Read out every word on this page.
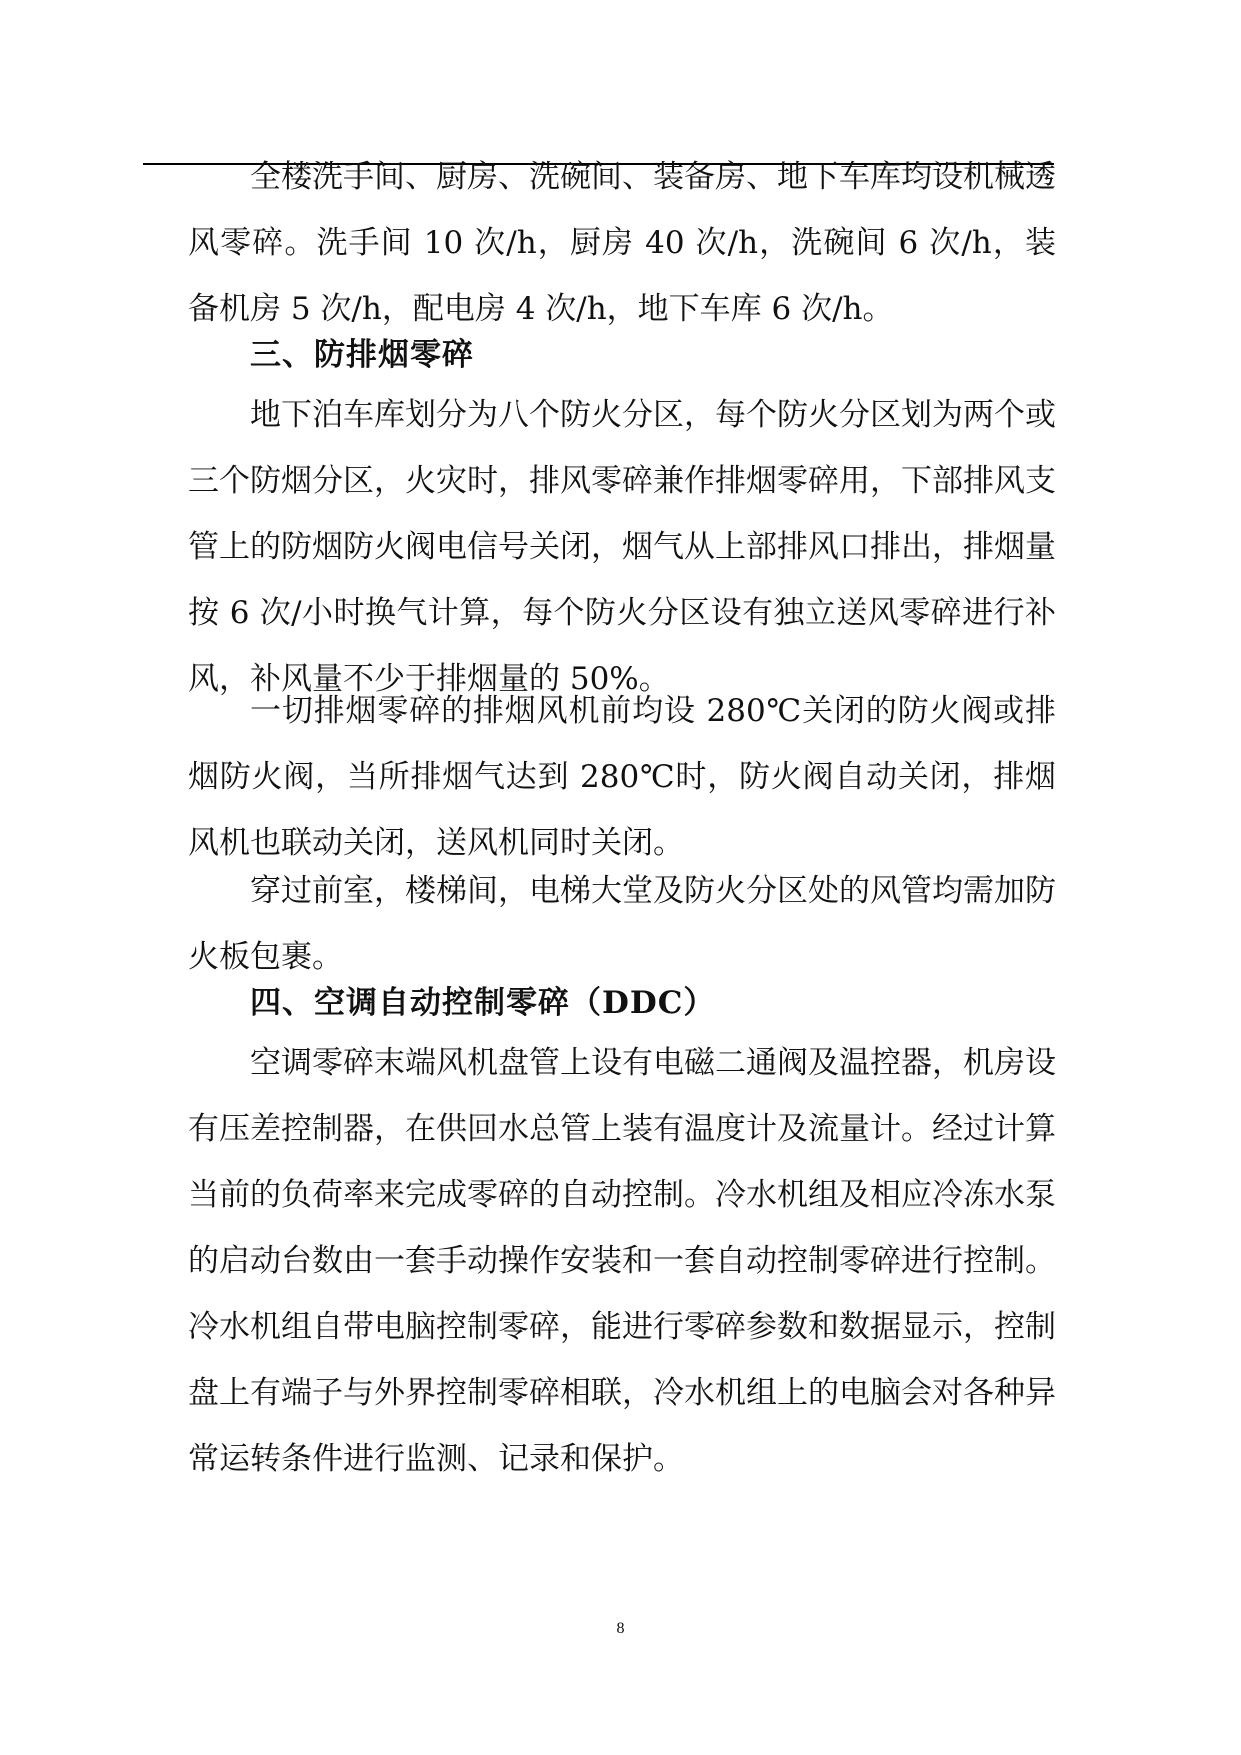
全楼洗手间、厨房、洗碗间、装备房、地下车库均设机械透风零碎。洗手间 10 次/h，厨房 40 次/h，洗碗间 6 次/h，装备机房 5 次/h，配电房 4 次/h，地下车库 6 次/h。

三、防排烟零碎

地下泊车库划分为八个防火分区，每个防火分区划为两个或三个防烟分区，火灾时，排风零碎兼作排烟零碎用，下部排风支管上的防烟防火阀电信号关闭，烟气从上部排风口排出，排烟量按 6 次/小时换气计算，每个防火分区设有独立送风零碎进行补风，补风量不少于排烟量的 50%。

一切排烟零碎的排烟风机前均设 280℃关闭的防火阀或排烟防火阀，当所排烟气达到 280℃时，防火阀自动关闭，排烟风机也联动关闭，送风机同时关闭。

穿过前室，楼梯间，电梯大堂及防火分区处的风管均需加防火板包裹。

四、空调自动控制零碎（DDC）

空调零碎末端风机盘管上设有电磁二通阀及温控器，机房设有压差控制器，在供回水总管上装有温度计及流量计。经过计算当前的负荷率来完成零碎的自动控制。冷水机组及相应冷冻水泵的启动台数由一套手动操作安装和一套自动控制零碎进行控制。冷水机组自带电脑控制零碎，能进行零碎参数和数据显示，控制盘上有端子与外界控制零碎相联，冷水机组上的电脑会对各种异常运转条件进行监测、记录和保护。

8
